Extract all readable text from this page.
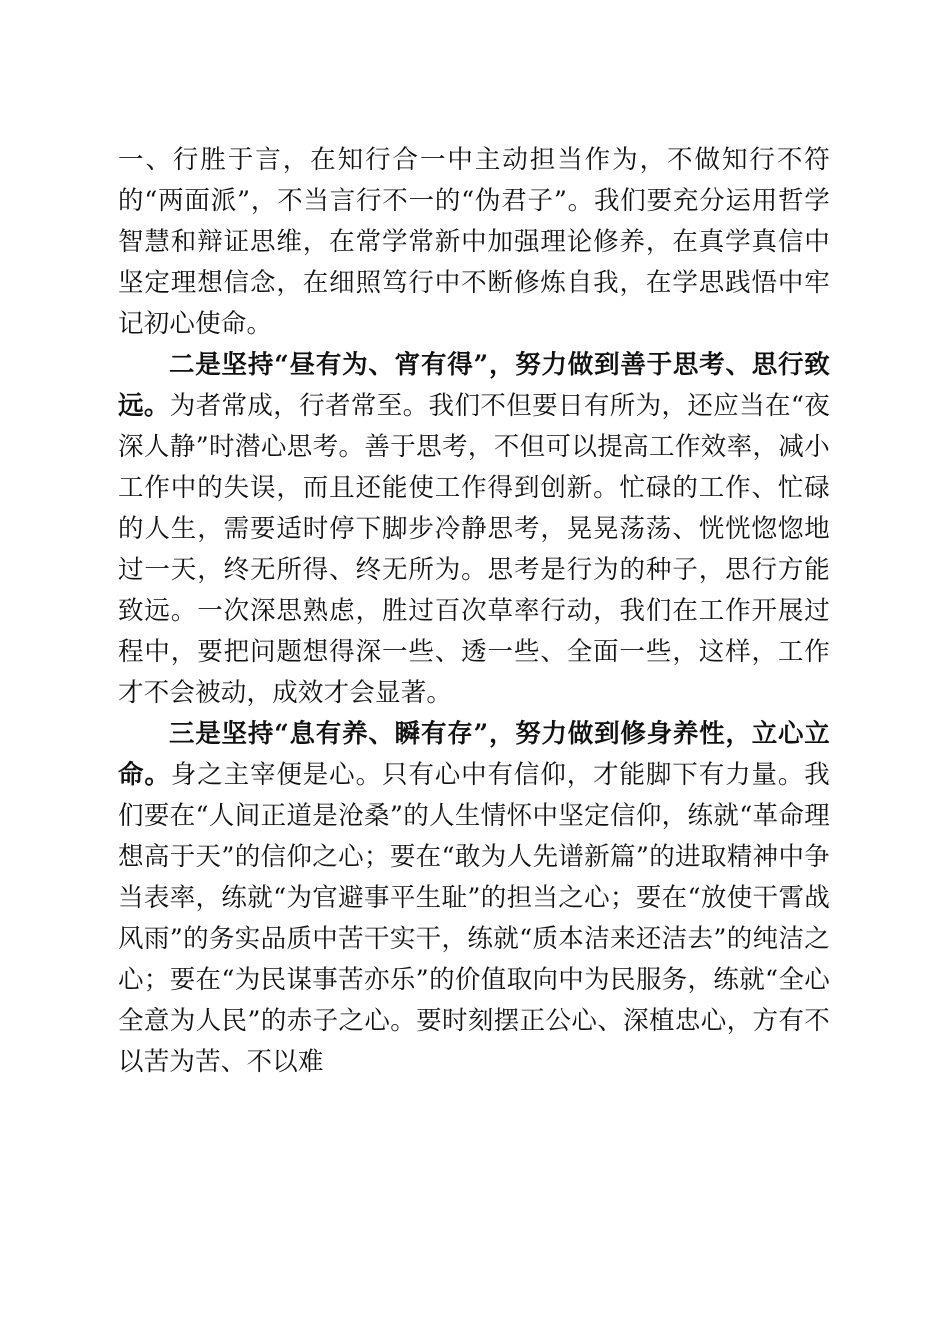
一、行胜于言，在知行合一中主动担当作为，不做知行不符的“两面派”，不当言行不一的“伪君子”。我们要充分运用哲学智慧和辩证思维，在常学常新中加强理论修养，在真学真信中坚定理想信念，在细照笃行中不断修炼自我，在学思践悟中牢记初心使命。

二是坚持“昼有为、宵有得”，努力做到善于思考、思行致远。为者常成，行者常至。我们不但要日有所为，还应当在“夜深人静”时潜心思考。善于思考，不但可以提高工作效率，减小工作中的失误，而且还能使工作得到创新。忙碌的工作、忙碌的人生，需要适时停下脚步冷静思考，晃晃荡荡、恍恍惚惚地过一天，终无所得、终无所为。思考是行为的种子，思行方能致远。一次深思熟虑，胜过百次草率行动，我们在工作开展过程中，要把问题想得深一些、透一些、全面一些，这样，工作才不会被动，成效才会显著。

三是坚持“息有养、瞬有存”，努力做到修身养性，立心立命。身之主宰便是心。只有心中有信仰，才能脚下有力量。我们要在“人间正道是沧桑”的人生情怀中坚定信仰，练就“革命理想高于天”的信仰之心；要在“敢为人先谱新篇”的进取精神中争当表率，练就“为官避事平生耻”的担当之心；要在“放使干霄战风雨”的务实品质中苦干实干，练就“质本洁来还洁去”的纯洁之心；要在“为民谋事苦亦乐”的价值取向中为民服务，练就“全心全意为人民”的赤子之心。要时刻摆正公心、深植忠心，方有不以苦为苦、不以难
